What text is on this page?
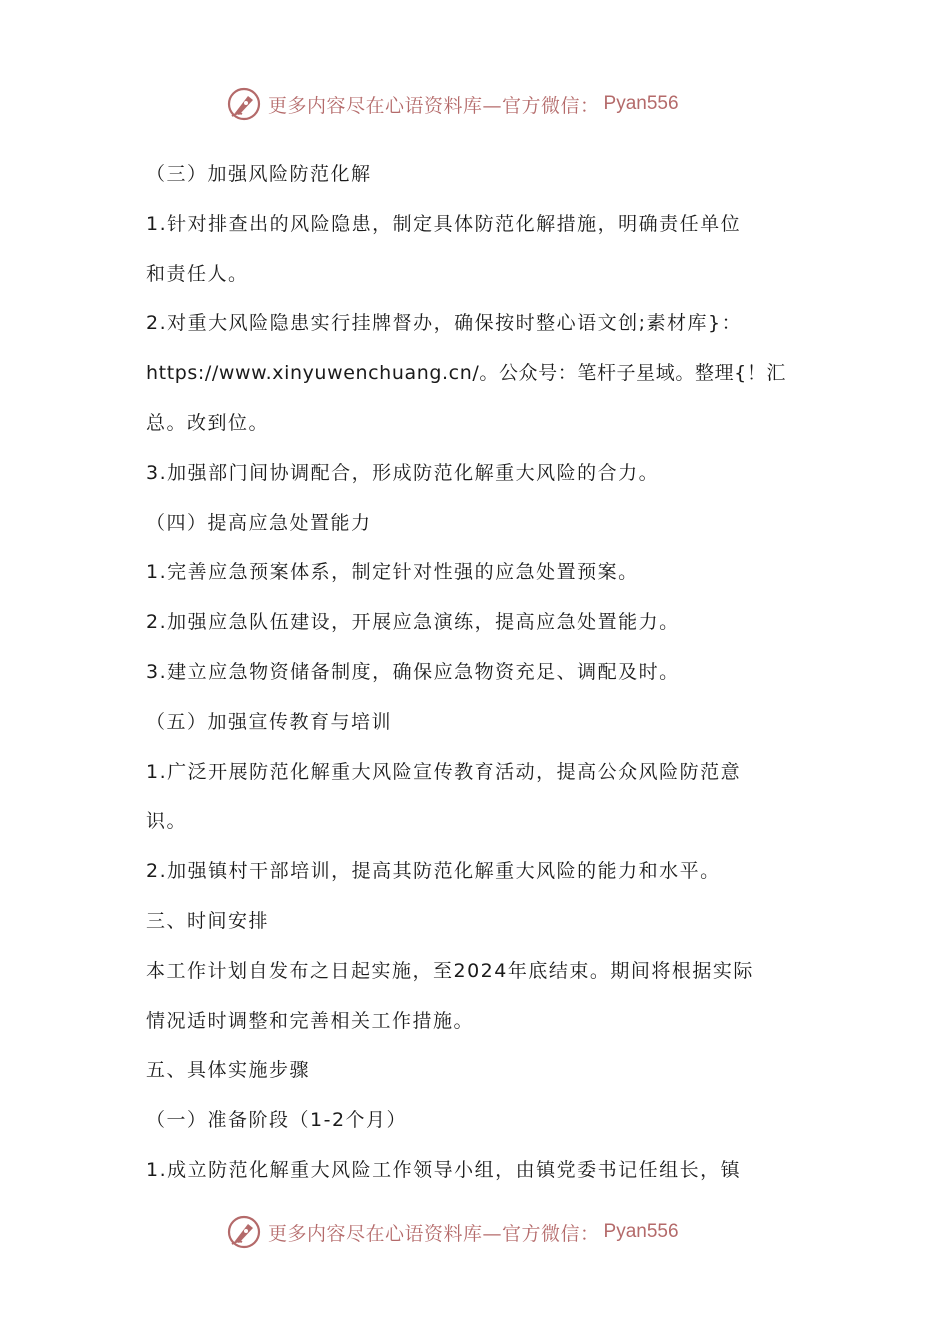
更多内容尽在心语资料库—官方微信： Pyan556
（三）加强风险防范化解
1.针对排查出的风险隐患，制定具体防范化解措施，明确责任单位
和责任人。
2.对重大风险隐患实行挂牌督办，确保按时整心语文创;素材库}：
https://www.xinyuwenchuang.cn/。公众号：笔杆子星域。整理{！汇
总。改到位。
3.加强部门间协调配合，形成防范化解重大风险的合力。
（四）提高应急处置能力
1.完善应急预案体系，制定针对性强的应急处置预案。
2.加强应急队伍建设，开展应急演练，提高应急处置能力。
3.建立应急物资储备制度，确保应急物资充足、调配及时。
（五）加强宣传教育与培训
1.广泛开展防范化解重大风险宣传教育活动，提高公众风险防范意
识。
2.加强镇村干部培训，提高其防范化解重大风险的能力和水平。
三、时间安排
本工作计划自发布之日起实施，至2024年底结束。期间将根据实际
情况适时调整和完善相关工作措施。
五、具体实施步骤
（一）准备阶段（1-2个月）
1.成立防范化解重大风险工作领导小组，由镇党委书记任组长，镇
更多内容尽在心语资料库—官方微信： Pyan556
